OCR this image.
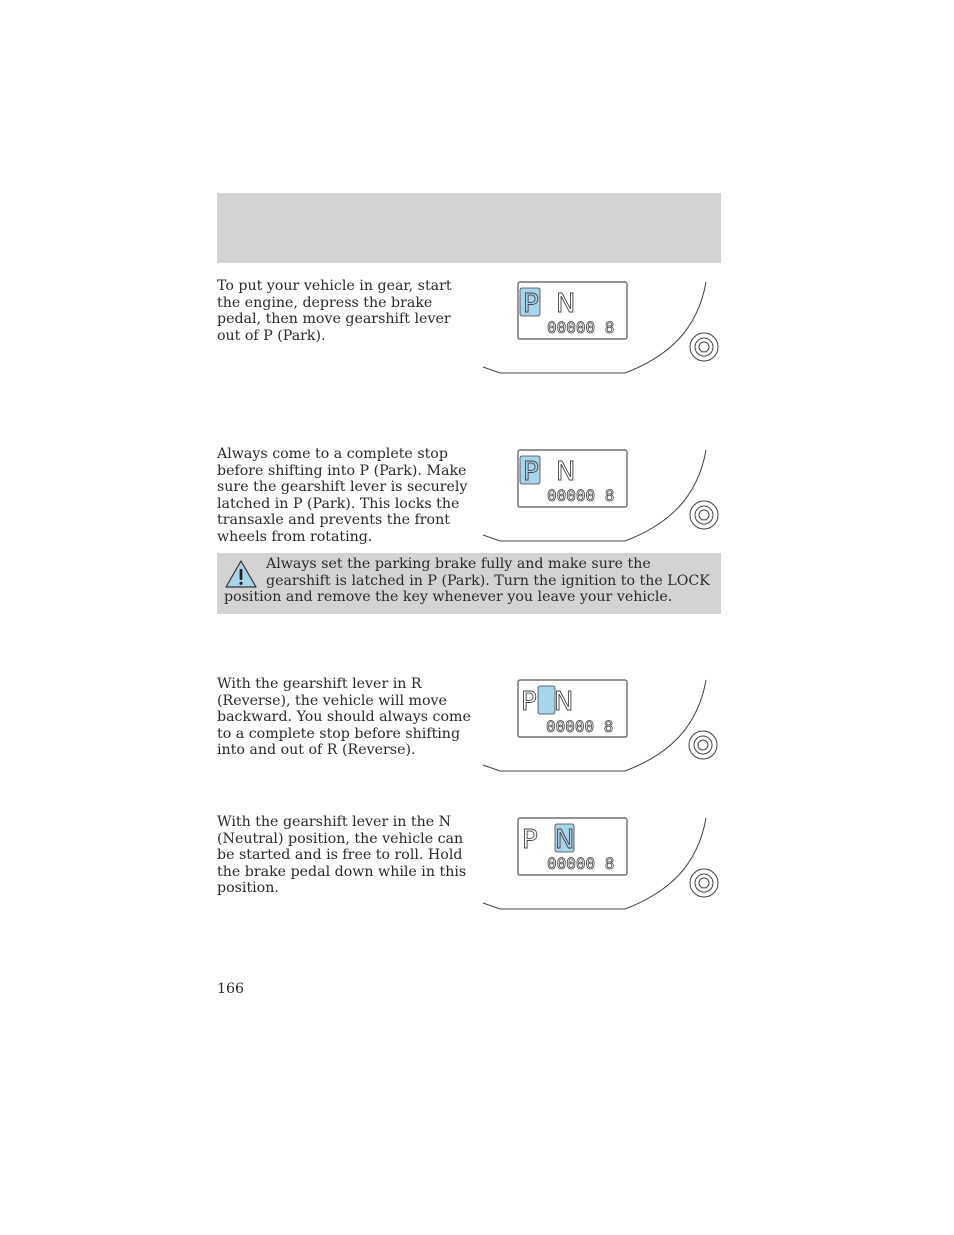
To put your vehicle in gear, start the engine, depress the brake pedal, then move gearshift lever out of P (Park).

P N
00000 8

Always come to a complete stop before shifting into P (Park). Make sure the gearshift lever is securely latched in P (Park). This locks the transaxle and prevents the front wheels from rotating.

P N
00000 8

Always set the parking brake fully and make sure the gearshift is latched in P (Park). Turn the ignition to the LOCK position and remove the key whenever you leave your vehicle.

With the gearshift lever in R (Reverse), the vehicle will move backward. You should always come to a complete stop before shifting into and out of R (Reverse).

P N
00000 8

With the gearshift lever in the N (Neutral) position, the vehicle can be started and is free to roll. Hold the brake pedal down while in this position.

P N
00000 8
166
